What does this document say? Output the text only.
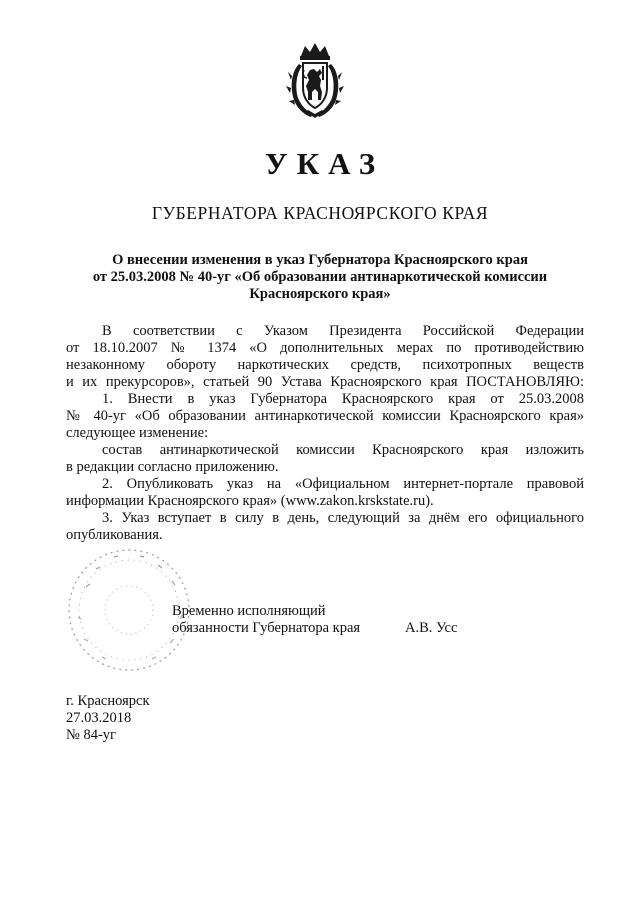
УКАЗ
ГУБЕРНАТОРА КРАСНОЯРСКОГО КРАЯ
О внесении изменения в указ Губернатора Красноярского края
от 25.03.2008 № 40-уг «Об образовании антинаркотической комиссии
Красноярского края»
В соответствии с Указом Президента Российской Федерации
от 18.10.2007 № 1374 «О дополнительных мерах по противодействию
незаконному обороту наркотических средств, психотропных веществ
и их прекурсоров», статьей 90 Устава Красноярского края ПОСТАНОВЛЯЮ:
1. Внести в указ Губернатора Красноярского края от 25.03.2008
№ 40-уг «Об образовании антинаркотической комиссии Красноярского края»
следующее изменение:
состав антинаркотической комиссии Красноярского края изложить
в редакции согласно приложению.
2. Опубликовать указ на «Официальном интернет-портале правовой
информации Красноярского края» (www.zakon.krskstate.ru).
3. Указ вступает в силу в день, следующий за днём его официального
опубликования.
Временно исполняющий
обязанности Губернатора края	А.В. Усс
г. Красноярск
27.03.2018
№ 84-уг
